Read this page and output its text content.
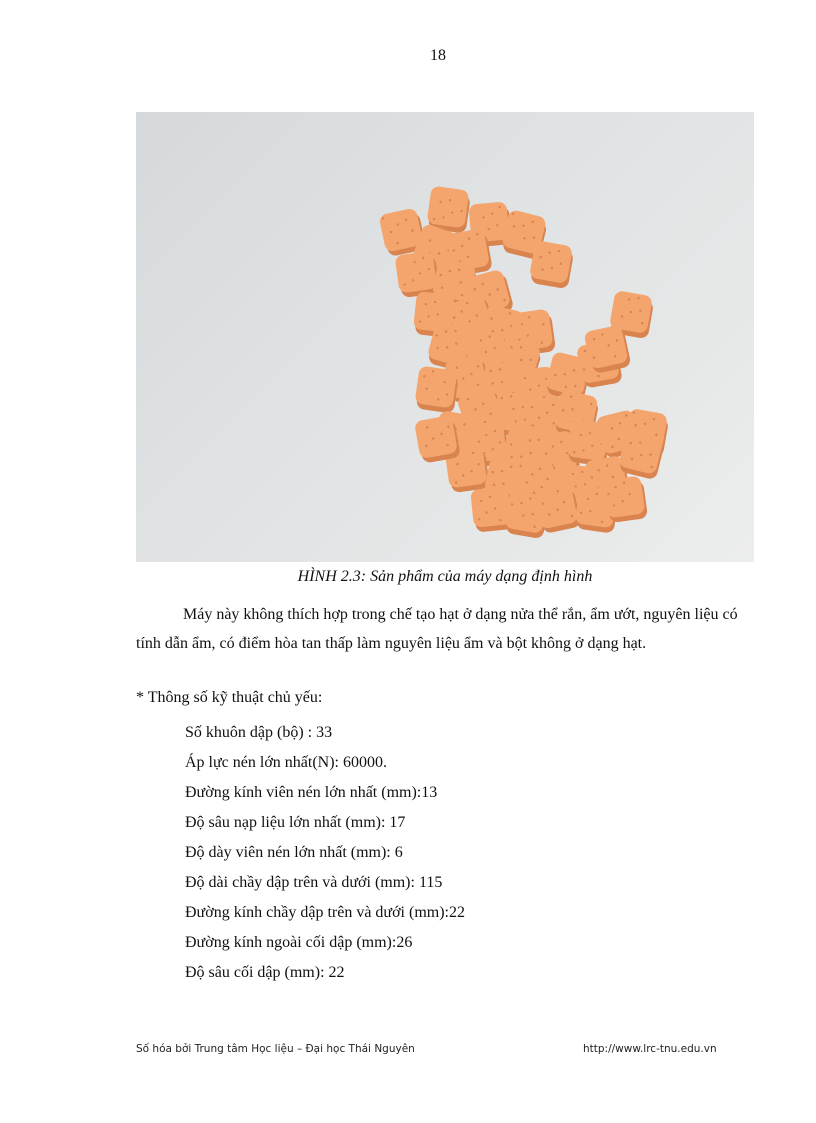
18
HÌNH 2.3: Sản phẩm của máy dạng định hình
Máy này không thích hợp trong chế tạo hạt ở dạng nửa thể rắn, ẩm ướt, nguyên liệu có tính dẫn ẩm, có điểm hòa tan thấp làm nguyên liệu ẩm và bột không ở dạng hạt.
* Thông số kỹ thuật chủ yếu:
Số khuôn dập (bộ) : 33
Áp lực nén lớn nhất(N): 60000.
Đường kính viên nén lớn nhất (mm):13
Độ sâu nạp liệu lớn nhất (mm): 17
Độ dày viên nén lớn nhất (mm): 6
Độ dài chầy dập trên và dưới (mm): 115
Đường kính chầy dập trên và dưới (mm):22
Đường kính ngoài cối dập (mm):26
Độ sâu cối dập (mm): 22
Số hóa bởi Trung tâm Học liệu – Đại học Thái Nguyên	http://www.lrc-tnu.edu.vn
